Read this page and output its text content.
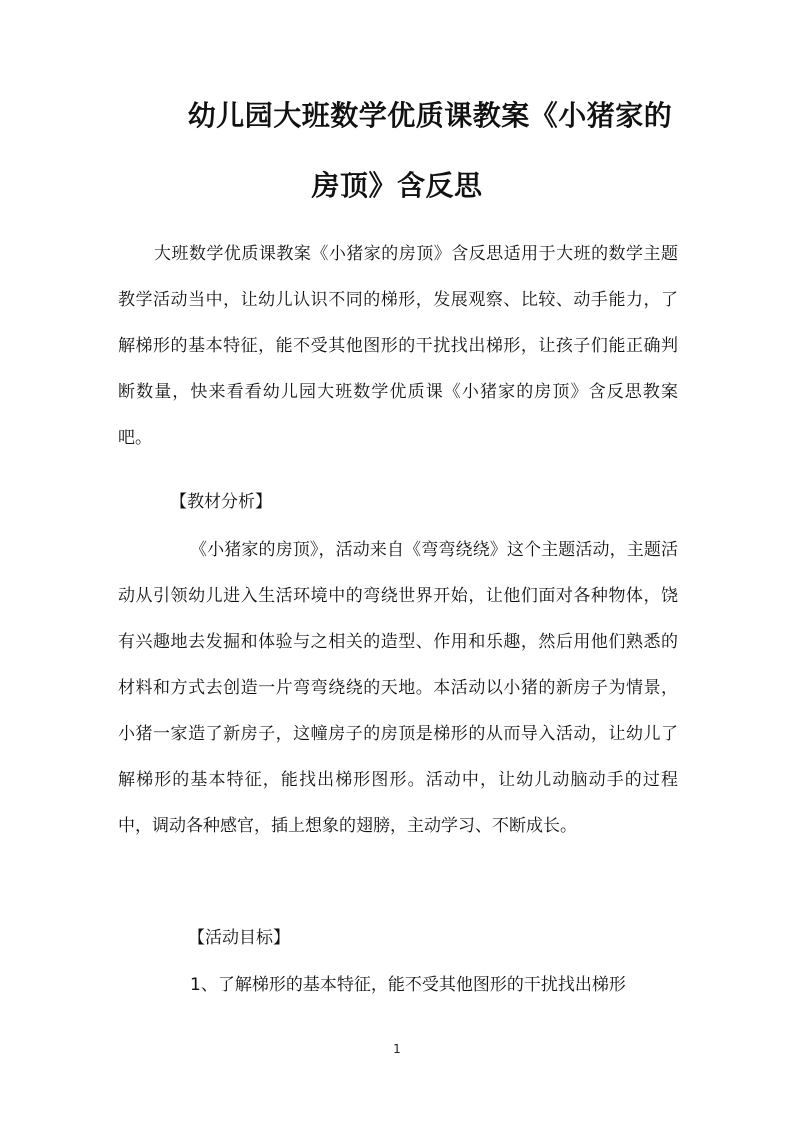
幼儿园大班数学优质课教案《小猪家的
房顶》含反思
大班数学优质课教案《小猪家的房顶》含反思适用于大班的数学主题教学活动当中，让幼儿认识不同的梯形，发展观察、比较、动手能力，了解梯形的基本特征，能不受其他图形的干扰找出梯形，让孩子们能正确判断数量，快来看看幼儿园大班数学优质课《小猪家的房顶》含反思教案吧。
【教材分析】
《小猪家的房顶》，活动来自《弯弯绕绕》这个主题活动，主题活动从引领幼儿进入生活环境中的弯绕世界开始，让他们面对各种物体，饶有兴趣地去发掘和体验与之相关的造型、作用和乐趣，然后用他们熟悉的材料和方式去创造一片弯弯绕绕的天地。本活动以小猪的新房子为情景，小猪一家造了新房子，这幢房子的房顶是梯形的从而导入活动，让幼儿了解梯形的基本特征，能找出梯形图形。活动中，让幼儿动脑动手的过程中，调动各种感官，插上想象的翅膀，主动学习、不断成长。
【活动目标】
1、了解梯形的基本特征，能不受其他图形的干扰找出梯形
1
